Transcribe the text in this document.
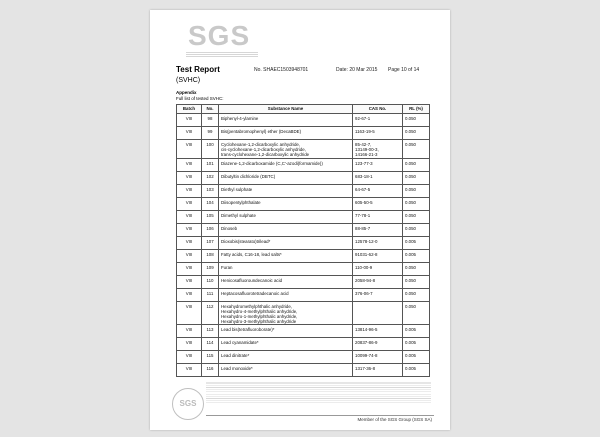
SGS
Test Report
(SVHC)
No. SHAEC1503948701	Date: 20 Mar 2015 Page 10 of 14
Appendix
Full list of tested SVHC:
Batch	No.	Substance Name	CAS No.	RL (%)
VIII	98	Biphenyl-4-ylamine	92-67-1	0.050
VIII	99	Bis(pentabromophenyl) ether (DecaBDE)	1163-19-5	0.050
VIII	100	Cyclohexane-1,2-dicarboxylic anhydride,
cis-cyclohexane-1,2-dicarboxylic anhydride,
trans-cyclohexane-1,2-dicarboxylic anhydride	85-42-7,
13149-00-3,
14166-21-3	0.050
VIII	101	Diazene-1,2-dicarboxamide (C,C'-azodi(formamide))	123-77-3	0.050
VIII	102	Dibutyltin dichloride (DBTC)	683-18-1	0.050
VIII	103	Diethyl sulphate	64-67-5	0.050
VIII	104	Diisopentylphthalate	605-50-5	0.050
VIII	105	Dimethyl sulphate	77-78-1	0.050
VIII	106	Dinoseb	88-85-7	0.050
VIII	107	Dioxobis(stearato)trilead*	12578-12-0	0.005
VIII	108	Fatty acids, C16-18, lead salts*	91031-62-8	0.005
VIII	109	Furan	110-00-9	0.050
VIII	110	Henicosafluoroundecanoic acid	2058-94-8	0.050
VIII	111	Heptacosafluorotetradecanoic acid	376-06-7	0.050
VIII	112	Hexahydromethylphthalic anhydride,
Hexahydro-4-methylphthalic anhydride,
Hexahydro-1-methylphthalic anhydride,
Hexahydro-3-methylphthalic anhydride		0.050
VIII	113	Lead bis(tetrafluoroborate)*	13814-96-5	0.005
VIII	114	Lead cyanamidate*	20837-86-9	0.005
VIII	115	Lead dinitrate*	10099-74-8	0.005
VIII	116	Lead monoxide*	1317-36-8	0.005
SGS
Member of the SGS Group (SGS SA)
